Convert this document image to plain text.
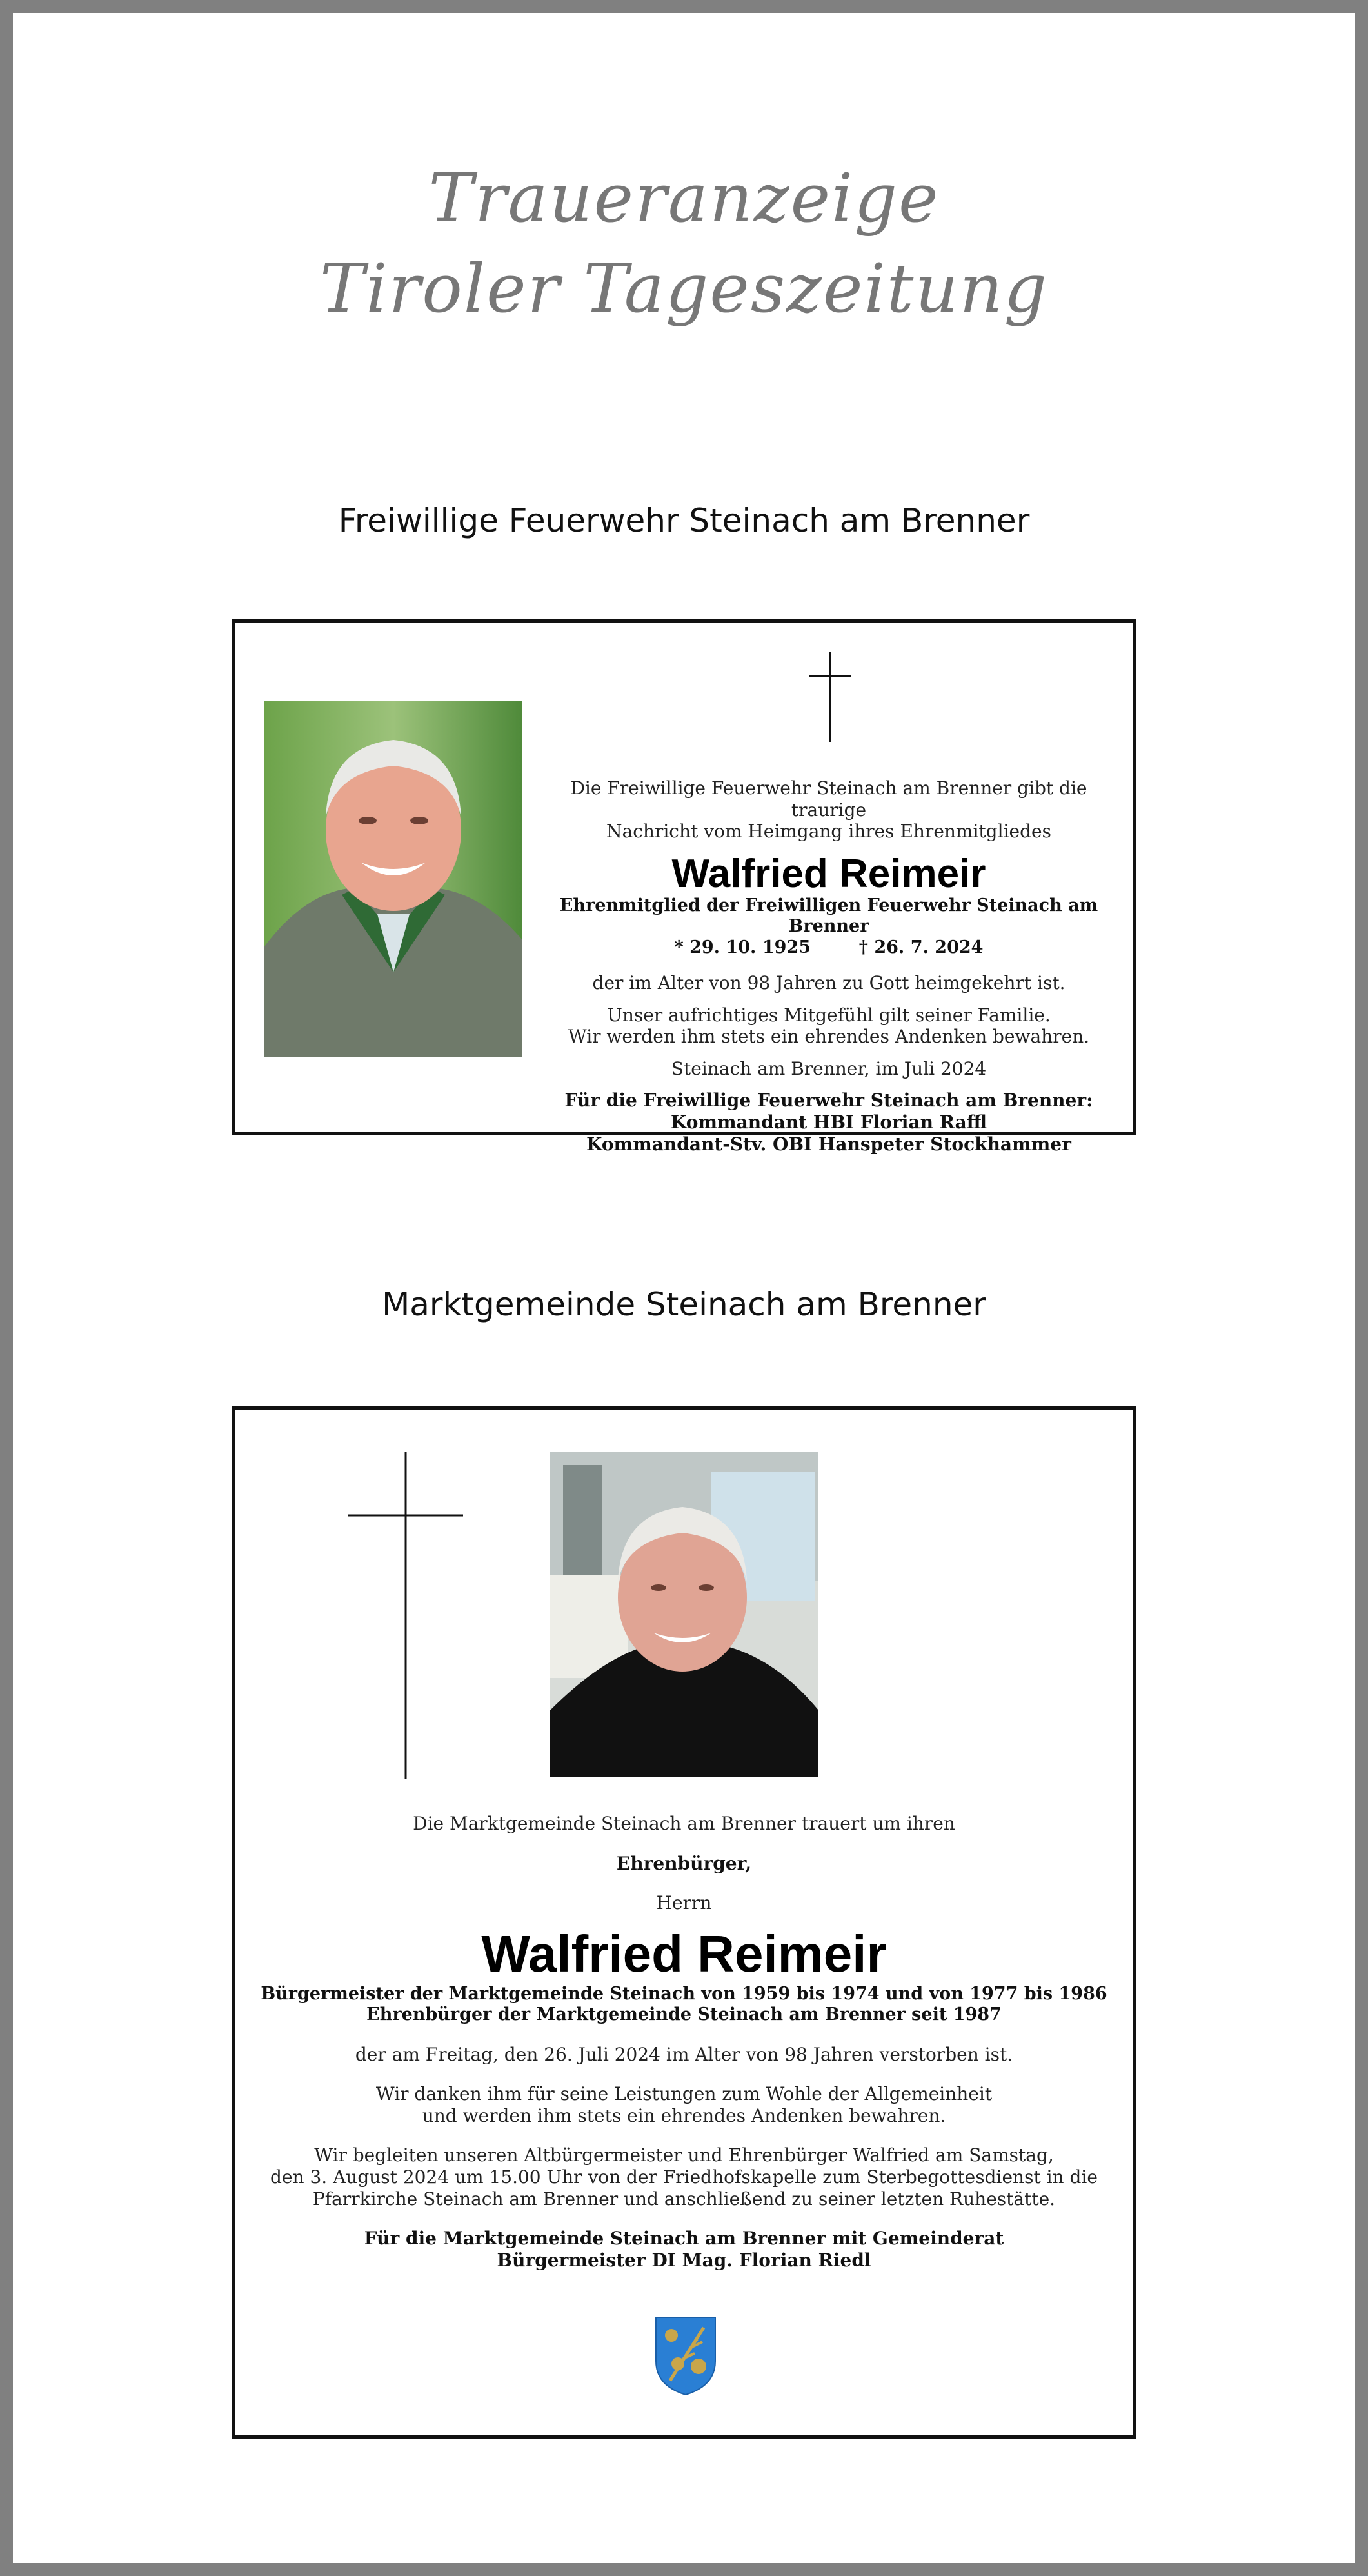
Traueranzeige
Tiroler Tageszeitung
Freiwillige Feuerwehr Steinach am Brenner
Die Freiwillige Feuerwehr Steinach am Brenner gibt die traurige
Nachricht vom Heimgang ihres Ehrenmitgliedes
Walfried Reimeir
Ehrenmitglied der Freiwilligen Feuerwehr Steinach am Brenner
* 29. 10. 1925	† 26. 7. 2024
der im Alter von 98 Jahren zu Gott heimgekehrt ist.
Unser aufrichtiges Mitgefühl gilt seiner Familie.
Wir werden ihm stets ein ehrendes Andenken bewahren.
Steinach am Brenner, im Juli 2024
Für die Freiwillige Feuerwehr Steinach am Brenner:
Kommandant HBI Florian Raffl
Kommandant-Stv. OBI Hanspeter Stockhammer
Marktgemeinde Steinach am Brenner
Die Marktgemeinde Steinach am Brenner trauert um ihren
Ehrenbürger,
Herrn
Walfried Reimeir
Bürgermeister der Marktgemeinde Steinach von 1959 bis 1974 und von 1977 bis 1986
Ehrenbürger der Marktgemeinde Steinach am Brenner seit 1987
der am Freitag, den 26. Juli 2024 im Alter von 98 Jahren verstorben ist.
Wir danken ihm für seine Leistungen zum Wohle der Allgemeinheit
und werden ihm stets ein ehrendes Andenken bewahren.
Wir begleiten unseren Altbürgermeister und Ehrenbürger Walfried am Samstag,
den 3. August 2024 um 15.00 Uhr von der Friedhofskapelle zum Sterbegottesdienst in die
Pfarrkirche Steinach am Brenner und anschließend zu seiner letzten Ruhestätte.
Für die Marktgemeinde Steinach am Brenner mit Gemeinderat
Bürgermeister DI Mag. Florian Riedl
